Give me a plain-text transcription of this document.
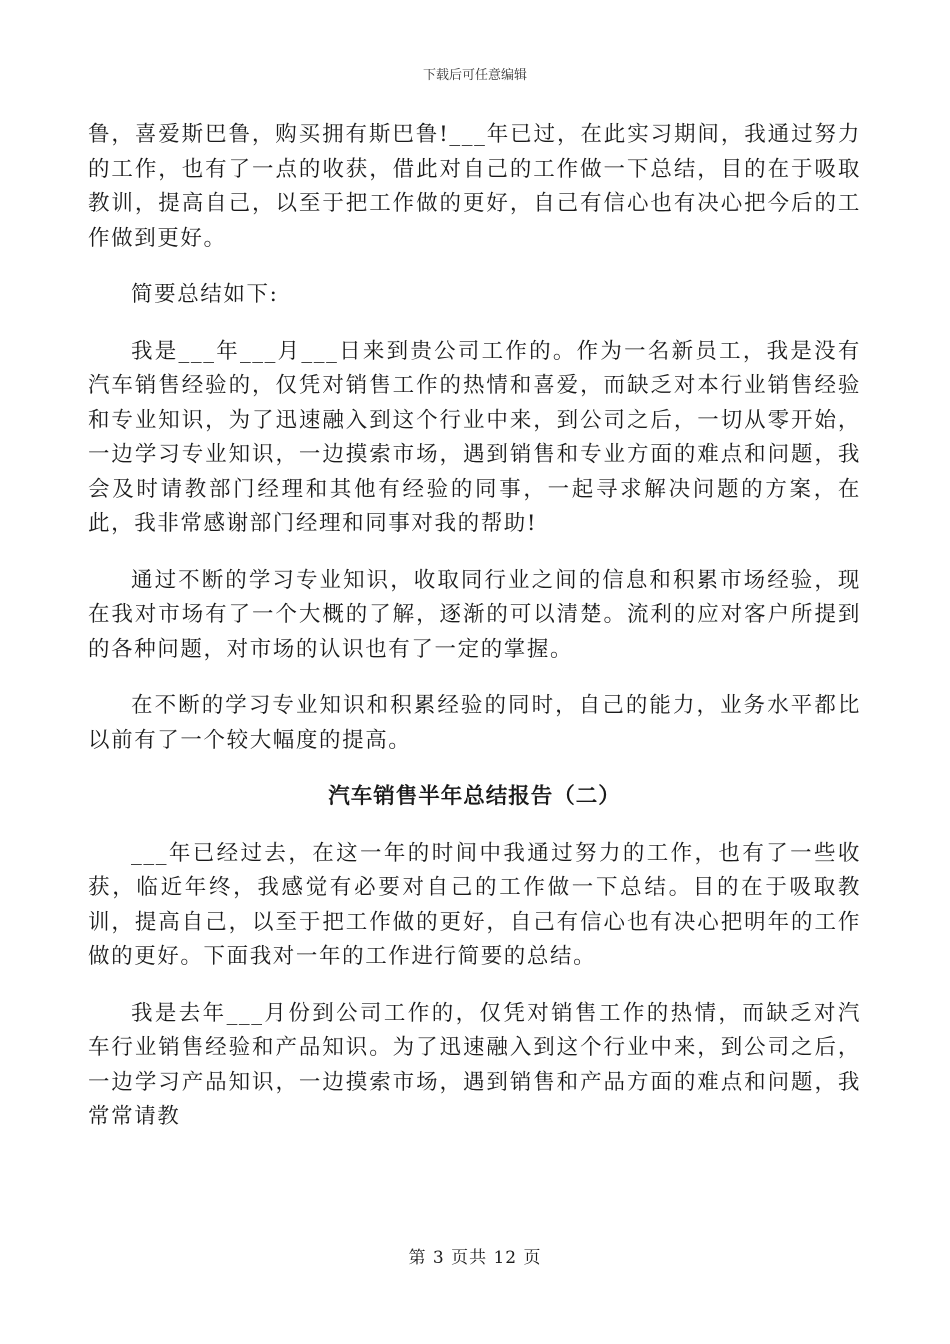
下载后可任意编辑

鲁，喜爱斯巴鲁，购买拥有斯巴鲁!___年已过，在此实习期间，我通过努力的工作，也有了一点的收获，借此对自己的工作做一下总结，目的在于吸取教训，提高自己，以至于把工作做的更好，自己有信心也有决心把今后的工作做到更好。

简要总结如下:

我是___年___月___日来到贵公司工作的。作为一名新员工，我是没有汽车销售经验的，仅凭对销售工作的热情和喜爱，而缺乏对本行业销售经验和专业知识，为了迅速融入到这个行业中来，到公司之后，一切从零开始，一边学习专业知识，一边摸索市场，遇到销售和专业方面的难点和问题，我会及时请教部门经理和其他有经验的同事，一起寻求解决问题的方案，在此，我非常感谢部门经理和同事对我的帮助!

通过不断的学习专业知识，收取同行业之间的信息和积累市场经验，现在我对市场有了一个大概的了解，逐渐的可以清楚。流利的应对客户所提到的各种问题，对市场的认识也有了一定的掌握。

在不断的学习专业知识和积累经验的同时，自己的能力，业务水平都比以前有了一个较大幅度的提高。

汽车销售半年总结报告（二）

___年已经过去，在这一年的时间中我通过努力的工作，也有了一些收获，临近年终，我感觉有必要对自己的工作做一下总结。目的在于吸取教训，提高自己，以至于把工作做的更好，自己有信心也有决心把明年的工作做的更好。下面我对一年的工作进行简要的总结。

我是去年___月份到公司工作的，仅凭对销售工作的热情，而缺乏对汽车行业销售经验和产品知识。为了迅速融入到这个行业中来，到公司之后，一边学习产品知识，一边摸索市场，遇到销售和产品方面的难点和问题，我常常请教

第 3 页共 12 页
